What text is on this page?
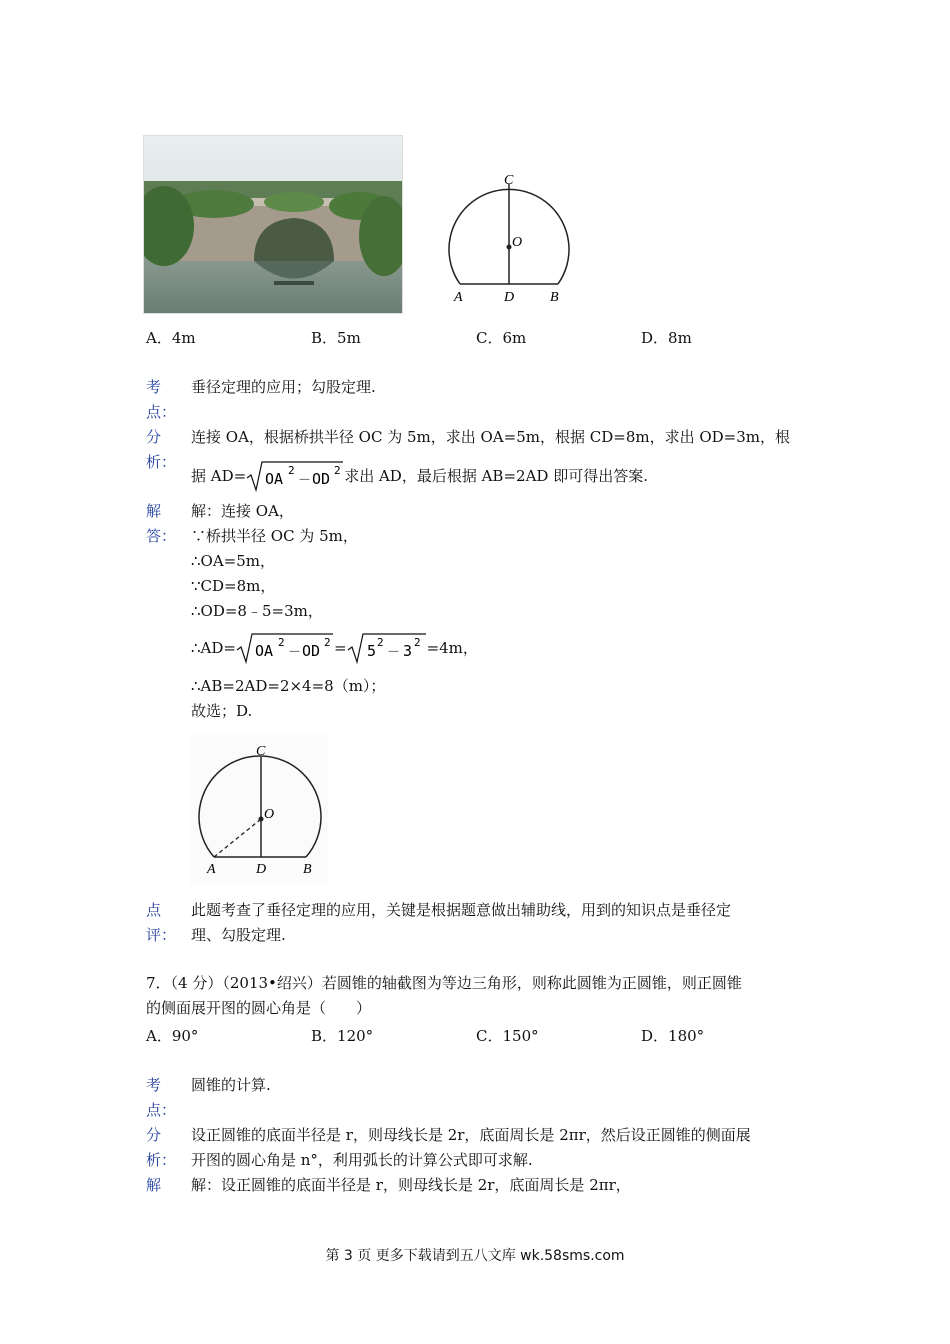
C
O
A	D	B
A．4m	B．5m	C．6m	D．8m
考
点：
垂径定理的应用；勾股定理.
分
析：
连接 OA，根据桥拱半径 OC 为 5m，求出 OA=5m，根据 CD=8m，求出 OD=3m，根
据 AD= OA 2
－ OD 2 求出 AD，最后根据 AB=2AD 即可得出答案.
解
答：
解：连接 OA，
∵桥拱半径 OC 为 5m，
∴OA=5m，
∵CD=8m，
∴OD=8﹣5=3m，
∴AD= OA 2
－ OD 2 = 5 2
－ 3 2 =4m，
∴AB=2AD=2×4=8（m）；
故选；D.
C
O
A	D	B
点
评：
此题考查了垂径定理的应用，关键是根据题意做出辅助线，用到的知识点是垂径定
理、勾股定理.
7．（4 分）（2013•绍兴）若圆锥的轴截图为等边三角形，则称此圆锥为正圆锥，则正圆锥
的侧面展开图的圆心角是（　　）
A．90°	B．120°	C．150°	D．180°
考
点：
圆锥的计算.
分
析：
设正圆锥的底面半径是 r，则母线长是 2r，底面周长是 2πr，然后设正圆锥的侧面展
开图的圆心角是 n°，利用弧长的计算公式即可求解.
解 解：设正圆锥的底面半径是 r，则母线长是 2r，底面周长是 2πr，
第 3 页 更多下载请到五八文库 wk.58sms.com
